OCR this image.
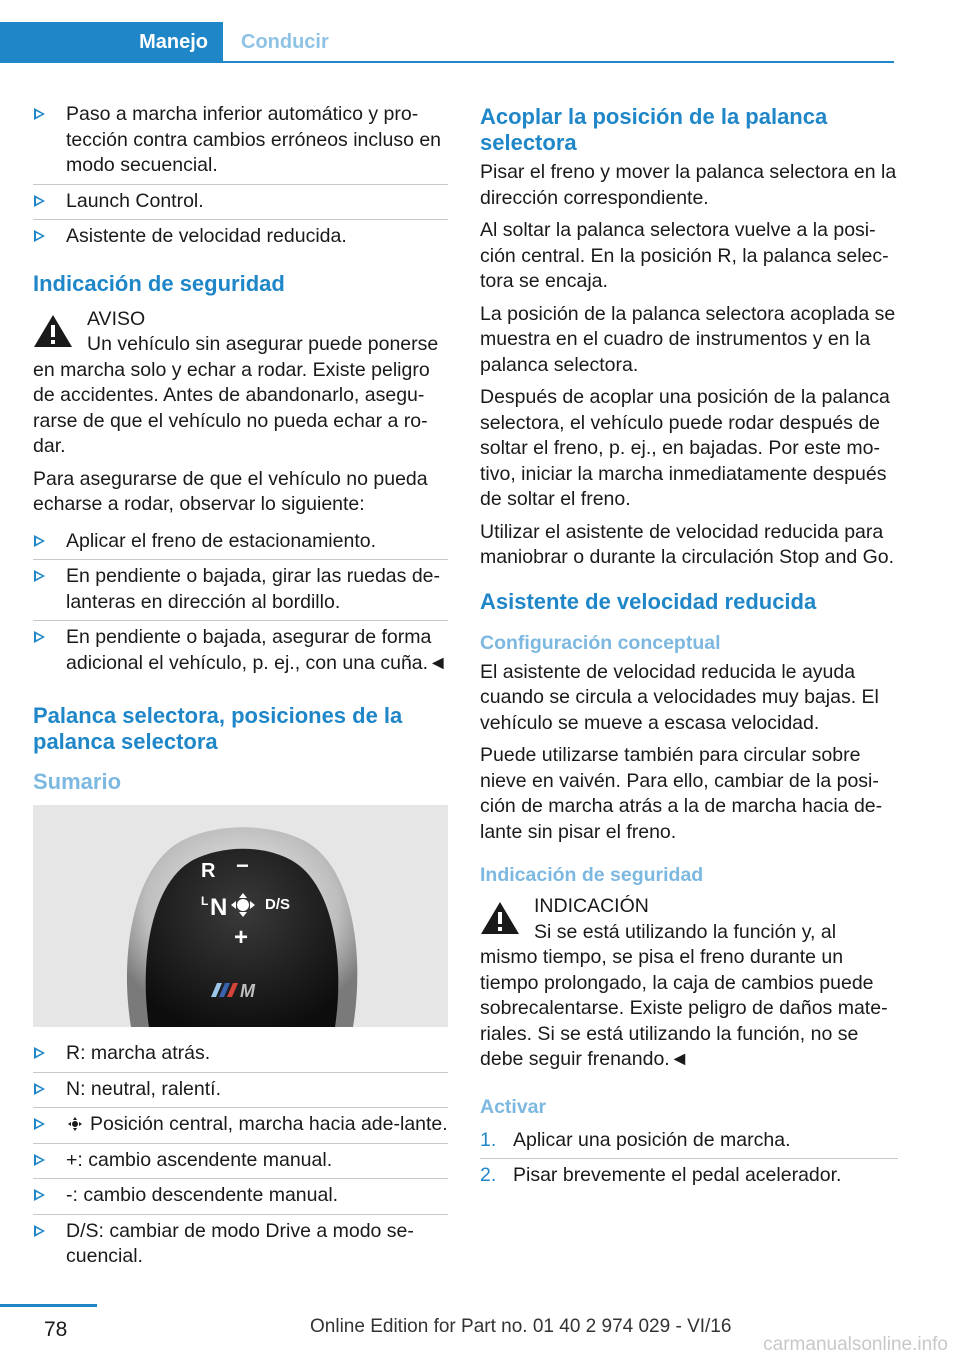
Manejo	Conducir
Paso a marcha inferior automático y pro‐tección contra cambios erróneos incluso en modo secuencial.
Launch Control.
Asistente de velocidad reducida.
Indicación de seguridad
AVISO
Un vehículo sin asegurar puede ponerse
en marcha solo y echar a rodar. Existe peligro de accidentes. Antes de abandonarlo, asegu‐rarse de que el vehículo no pueda echar a ro‐dar.
Para asegurarse de que el vehículo no pueda echarse a rodar, observar lo siguiente:
Aplicar el freno de estacionamiento.
En pendiente o bajada, girar las ruedas de‐lanteras en dirección al bordillo.
En pendiente o bajada, asegurar de forma adicional el vehículo, p. ej., con una cuña.◄
Palanca selectora, posiciones de la palanca selectora
Sumario
R −
L N	D/S
+
M
R: marcha atrás.
N: neutral, ralentí.
Posición central, marcha hacia ade‐lante.
+: cambio ascendente manual.
-: cambio descendente manual.
D/S: cambiar de modo Drive a modo se‐cuencial.
Acoplar la posición de la palanca selectora
Pisar el freno y mover la palanca selectora en la dirección correspondiente.
Al soltar la palanca selectora vuelve a la posi‐ción central. En la posición R, la palanca selec‐tora se encaja.
La posición de la palanca selectora acoplada se muestra en el cuadro de instrumentos y en la palanca selectora.
Después de acoplar una posición de la palanca selectora, el vehículo puede rodar después de soltar el freno, p. ej., en bajadas. Por este mo‐tivo, iniciar la marcha inmediatamente después de soltar el freno.
Utilizar el asistente de velocidad reducida para maniobrar o durante la circulación Stop and Go.
Asistente de velocidad reducida
Configuración conceptual
El asistente de velocidad reducida le ayuda cuando se circula a velocidades muy bajas. El vehículo se mueve a escasa velocidad.
Puede utilizarse también para circular sobre nieve en vaivén. Para ello, cambiar de la posi‐ción de marcha atrás a la de marcha hacia de‐lante sin pisar el freno.
Indicación de seguridad
INDICACIÓN
Si se está utilizando la función y, al
mismo tiempo, se pisa el freno durante un tiempo prolongado, la caja de cambios puede sobrecalentarse. Existe peligro de daños mate‐riales. Si se está utilizando la función, no se debe seguir frenando.◄
Activar
1. Aplicar una posición de marcha.
2. Pisar brevemente el pedal acelerador.
78	Online Edition for Part no. 01 40 2 974 029 - VI/16
carmanualsonline.info
